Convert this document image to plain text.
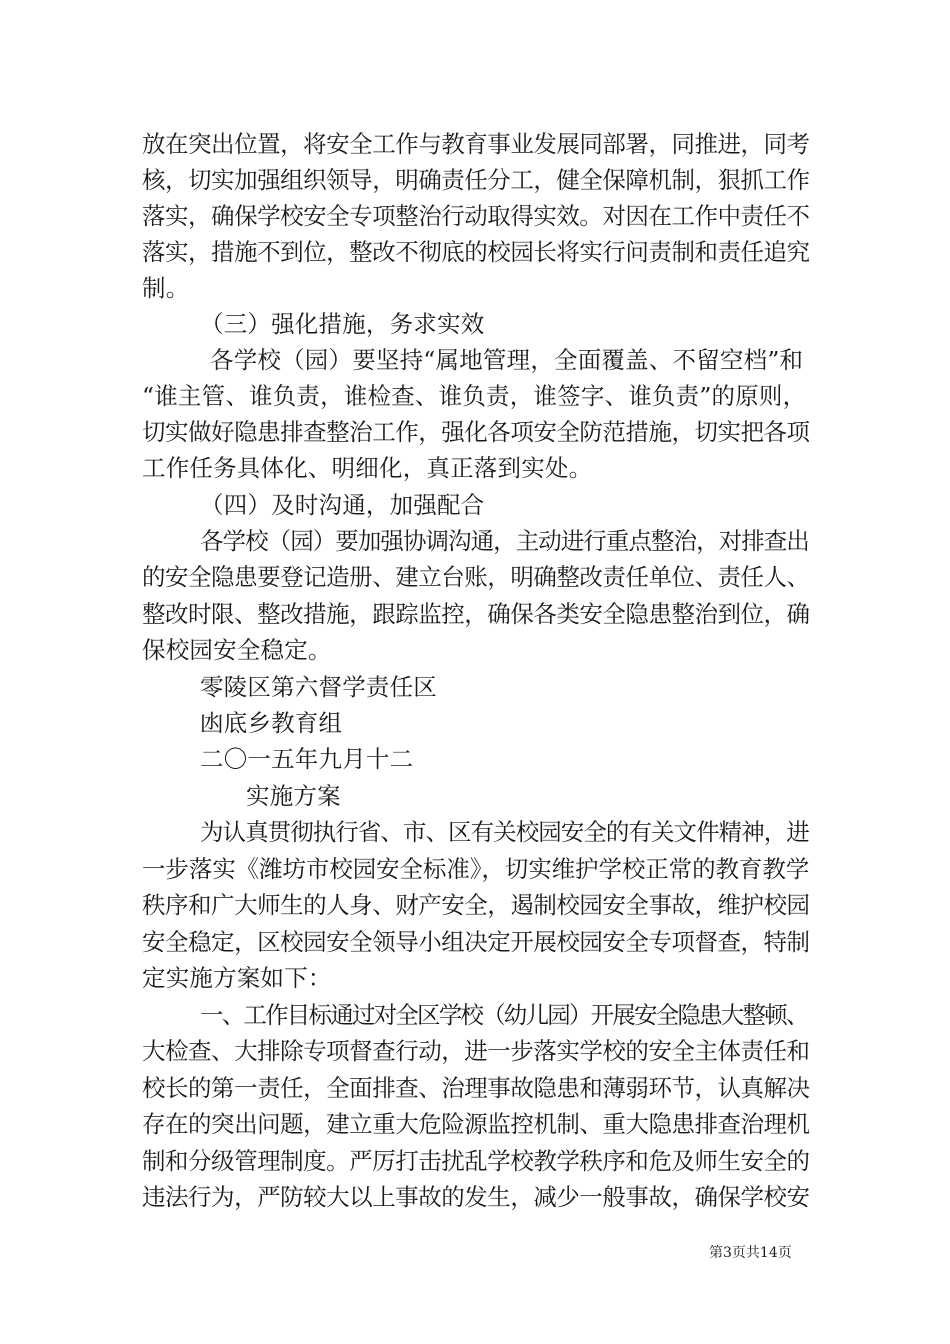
放在突出位置，将安全工作与教育事业发展同部署，同推进，同考
核，切实加强组织领导，明确责任分工，健全保障机制，狠抓工作
落实，确保学校安全专项整治行动取得实效。对因在工作中责任不
落实，措施不到位，整改不彻底的校园长将实行问责制和责任追究
制。
（三）强化措施，务求实效
各学校（园）要坚持“属地管理，全面覆盖、不留空档”和
“谁主管、谁负责，谁检查、谁负责，谁签字、谁负责”的原则，
切实做好隐患排查整治工作，强化各项安全防范措施，切实把各项
工作任务具体化、明细化，真正落到实处。
（四）及时沟通，加强配合
各学校（园）要加强协调沟通，主动进行重点整治，对排查出
的安全隐患要登记造册、建立台账，明确整改责任单位、责任人、
整改时限、整改措施，跟踪监控，确保各类安全隐患整治到位，确
保校园安全稳定。
零陵区第六督学责任区
凼底乡教育组
二〇一五年九月十二
实施方案
为认真贯彻执行省、市、区有关校园安全的有关文件精神，进
一步落实《潍坊市校园安全标准》，切实维护学校正常的教育教学
秩序和广大师生的人身、财产安全，遏制校园安全事故，维护校园
安全稳定，区校园安全领导小组决定开展校园安全专项督查，特制
定实施方案如下：
一、工作目标通过对全区学校（幼儿园）开展安全隐患大整顿、
大检查、大排除专项督查行动，进一步落实学校的安全主体责任和
校长的第一责任，全面排查、治理事故隐患和薄弱环节，认真解决
存在的突出问题，建立重大危险源监控机制、重大隐患排查治理机
制和分级管理制度。严厉打击扰乱学校教学秩序和危及师生安全的
违法行为，严防较大以上事故的发生，减少一般事故，确保学校安
第3页共14页
